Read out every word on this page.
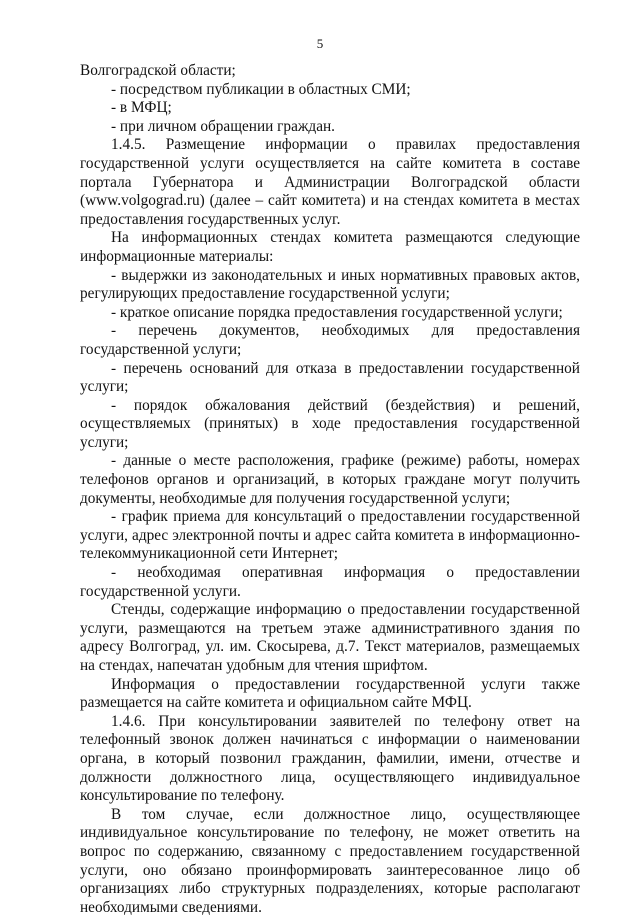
5

Волгоградской области;

- посредством публикации в областных СМИ;

- в МФЦ;

- при личном обращении граждан.

1.4.5. Размещение информации о правилах предоставления государственной услуги осуществляется на сайте комитета в составе портала Губернатора и Администрации Волгоградской области (www.volgograd.ru) (далее – сайт комитета) и на стендах комитета в местах предоставления государственных услуг.

На информационных стендах комитета размещаются следующие информационные материалы:

- выдержки из законодательных и иных нормативных правовых актов, регулирующих предоставление государственной услуги;

- краткое описание порядка предоставления государственной услуги;

- перечень документов, необходимых для предоставления государственной услуги;

- перечень оснований для отказа в предоставлении государственной услуги;

- порядок обжалования действий (бездействия) и решений, осуществляемых (принятых) в ходе предоставления государственной услуги;

- данные о месте расположения, графике (режиме) работы, номерах телефонов органов и организаций, в которых граждане могут получить документы, необходимые для получения государственной услуги;

- график приема для консультаций о предоставлении государственной услуги, адрес электронной почты и адрес сайта комитета в информационно-телекоммуникационной сети Интернет;

- необходимая оперативная информация о предоставлении государственной услуги.

Стенды, содержащие информацию о предоставлении государственной услуги, размещаются на третьем этаже административного здания по адресу Волгоград, ул. им. Скосырева, д.7. Текст материалов, размещаемых на стендах, напечатан удобным для чтения шрифтом.

Информация о предоставлении государственной услуги также размещается на сайте комитета и официальном сайте МФЦ.

1.4.6. При консультировании заявителей по телефону ответ на телефонный звонок должен начинаться с информации о наименовании органа, в который позвонил гражданин, фамилии, имени, отчестве и должности должностного лица, осуществляющего индивидуальное консультирование по телефону.

В том случае, если должностное лицо, осуществляющее индивидуальное консультирование по телефону, не может ответить на вопрос по содержанию, связанному с предоставлением государственной услуги, оно обязано проинформировать заинтересованное лицо об организациях либо структурных подразделениях, которые располагают необходимыми сведениями.
